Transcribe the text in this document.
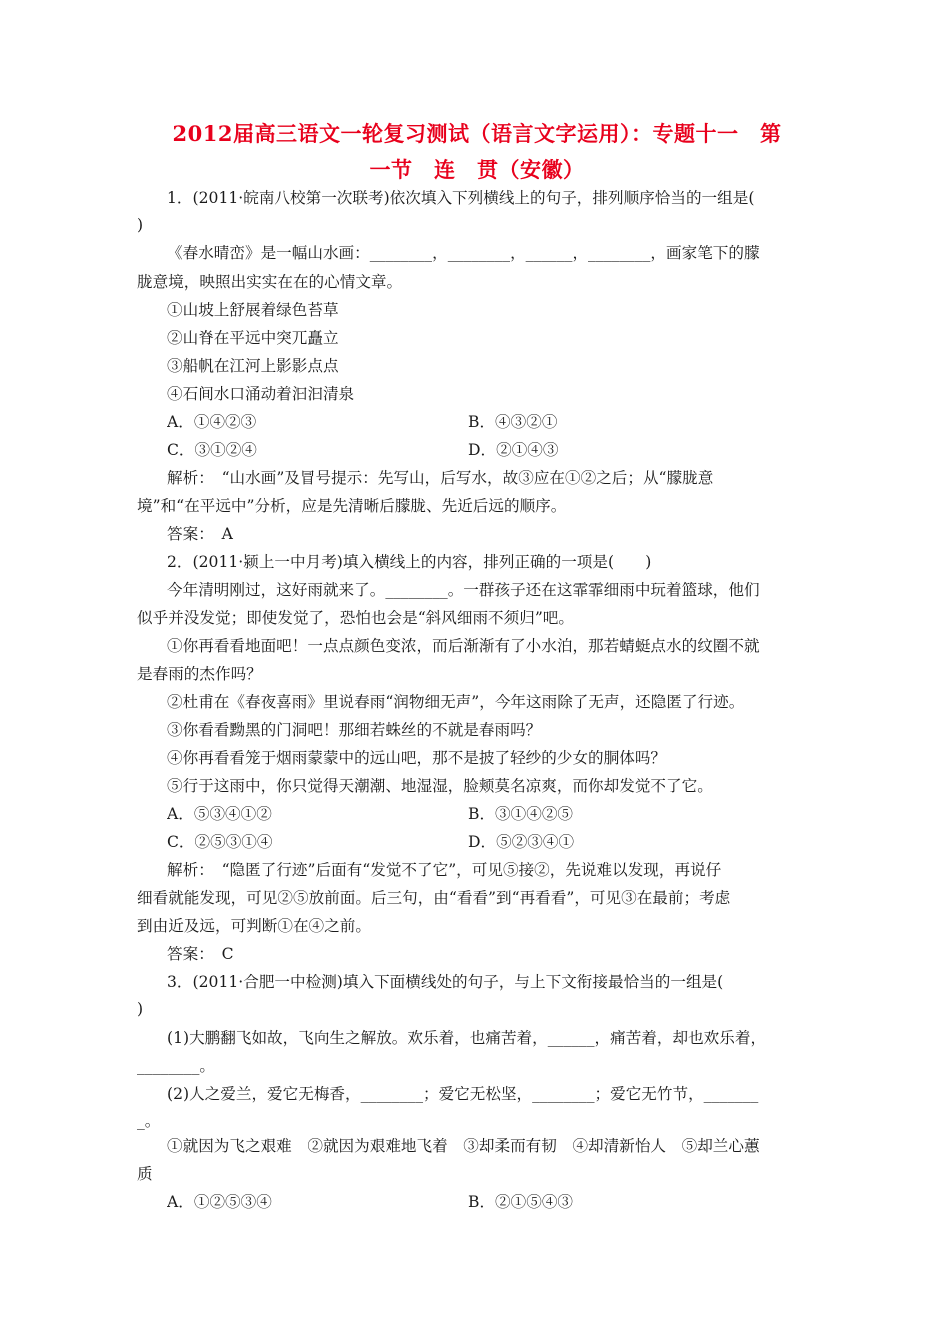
2012届高三语文一轮复习测试（语言文字运用）：专题十一　第
一节　连　贯（安徽）
1．(2011·皖南八校第一次联考)依次填入下列横线上的句子，排列顺序恰当的一组是(
)
《春水晴峦》是一幅山水画：________，________，______，________，画家笔下的朦
胧意境，映照出实实在在的心情文章。
①山坡上舒展着绿色苔草
②山脊在平远中突兀矗立
③船帆在江河上影影点点
④石间水口涌动着汩汩清泉
A．①④②③	B．④③②①
C．③①②④	D．②①④③
解析：　“山水画”及冒号提示：先写山，后写水，故③应在①②之后；从“朦胧意
境”和“在平远中”分析，应是先清晰后朦胧、先近后远的顺序。
答案：　A
2．(2011·颍上一中月考)填入横线上的内容，排列正确的一项是(　　)
今年清明刚过，这好雨就来了。________。一群孩子还在这霏霏细雨中玩着篮球，他们
似乎并没发觉；即使发觉了，恐怕也会是“斜风细雨不须归”吧。
①你再看看地面吧！一点点颜色变浓，而后渐渐有了小水泊，那若蜻蜓点水的纹圈不就
是春雨的杰作吗？
②杜甫在《春夜喜雨》里说春雨“润物细无声”，今年这雨除了无声，还隐匿了行迹。
③你看看黝黑的门洞吧！那细若蛛丝的不就是春雨吗？
④你再看看笼于烟雨蒙蒙中的远山吧，那不是披了轻纱的少女的胴体吗？
⑤行于这雨中，你只觉得天潮潮、地湿湿，脸颊莫名凉爽，而你却发觉不了它。
A．⑤③④①②	B．③①④②⑤
C．②⑤③①④	D．⑤②③④①
解析：　“隐匿了行迹”后面有“发觉不了它”，可见⑤接②，先说难以发现，再说仔
细看就能发现，可见②⑤放前面。后三句，由“看看”到“再看看”，可见③在最前；考虑
到由近及远，可判断①在④之前。
答案：　C
3．(2011·合肥一中检测)填入下面横线处的句子，与上下文衔接最恰当的一组是(
)
(1)大鹏翻飞如故，飞向生之解放。欢乐着，也痛苦着，______，痛苦着，却也欢乐着，
________。
(2)人之爱兰，爱它无梅香，________；爱它无松坚，________；爱它无竹节，_______
_。
①就因为飞之艰难　②就因为艰难地飞着　③却柔而有韧　④却清新怡人　⑤却兰心蕙
质
A．①②⑤③④	B．②①⑤④③
